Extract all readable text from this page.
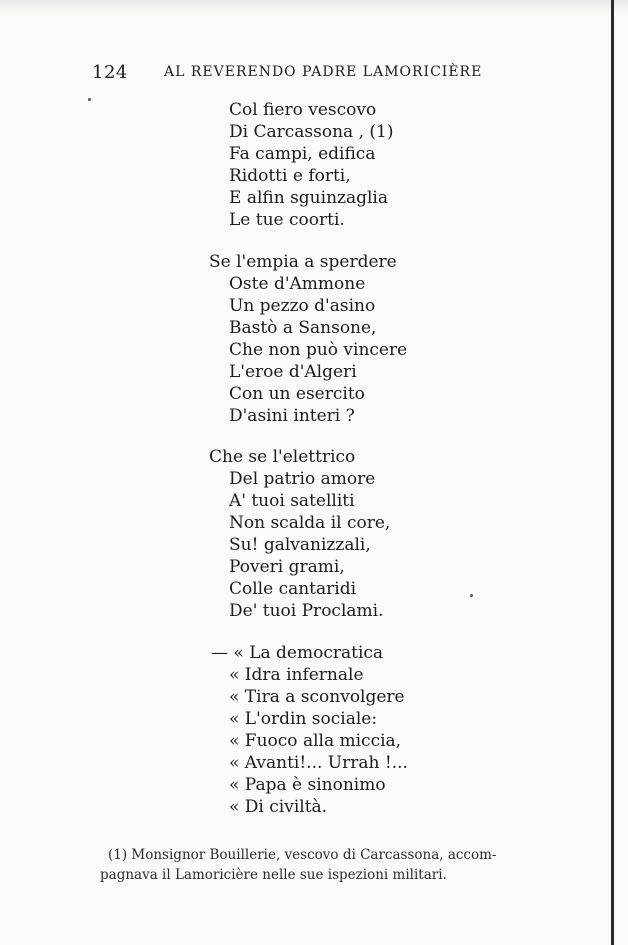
124	AL REVERENDO PADRE LAMORICIÈRE
Col fiero vescovo
Di Carcassona , (1)
Fa campi, edifica
Ridotti e forti,
E alfin sguinzaglia
Le tue coorti.
Se l'empia a sperdere
Oste d'Ammone
Un pezzo d'asino
Bastò a Sansone,
Che non può vincere
L'eroe d'Algeri
Con un esercito
D'asini interi ?
Che se l'elettrico
Del patrio amore
A' tuoi satelliti
Non scalda il core,
Su! galvanizzali,
Poveri grami,
Colle cantaridi
De' tuoi Proclami.
— « La democratica
« Idra infernale
« Tira a sconvolgere
« L'ordin sociale:
« Fuoco alla miccia,
« Avanti!... Urrah !...
« Papa è sinonimo
« Di civiltà.
(1) Monsignor Bouillerie, vescovo di Carcassona, accom-
pagnava il Lamoricière nelle sue ispezioni militari.
